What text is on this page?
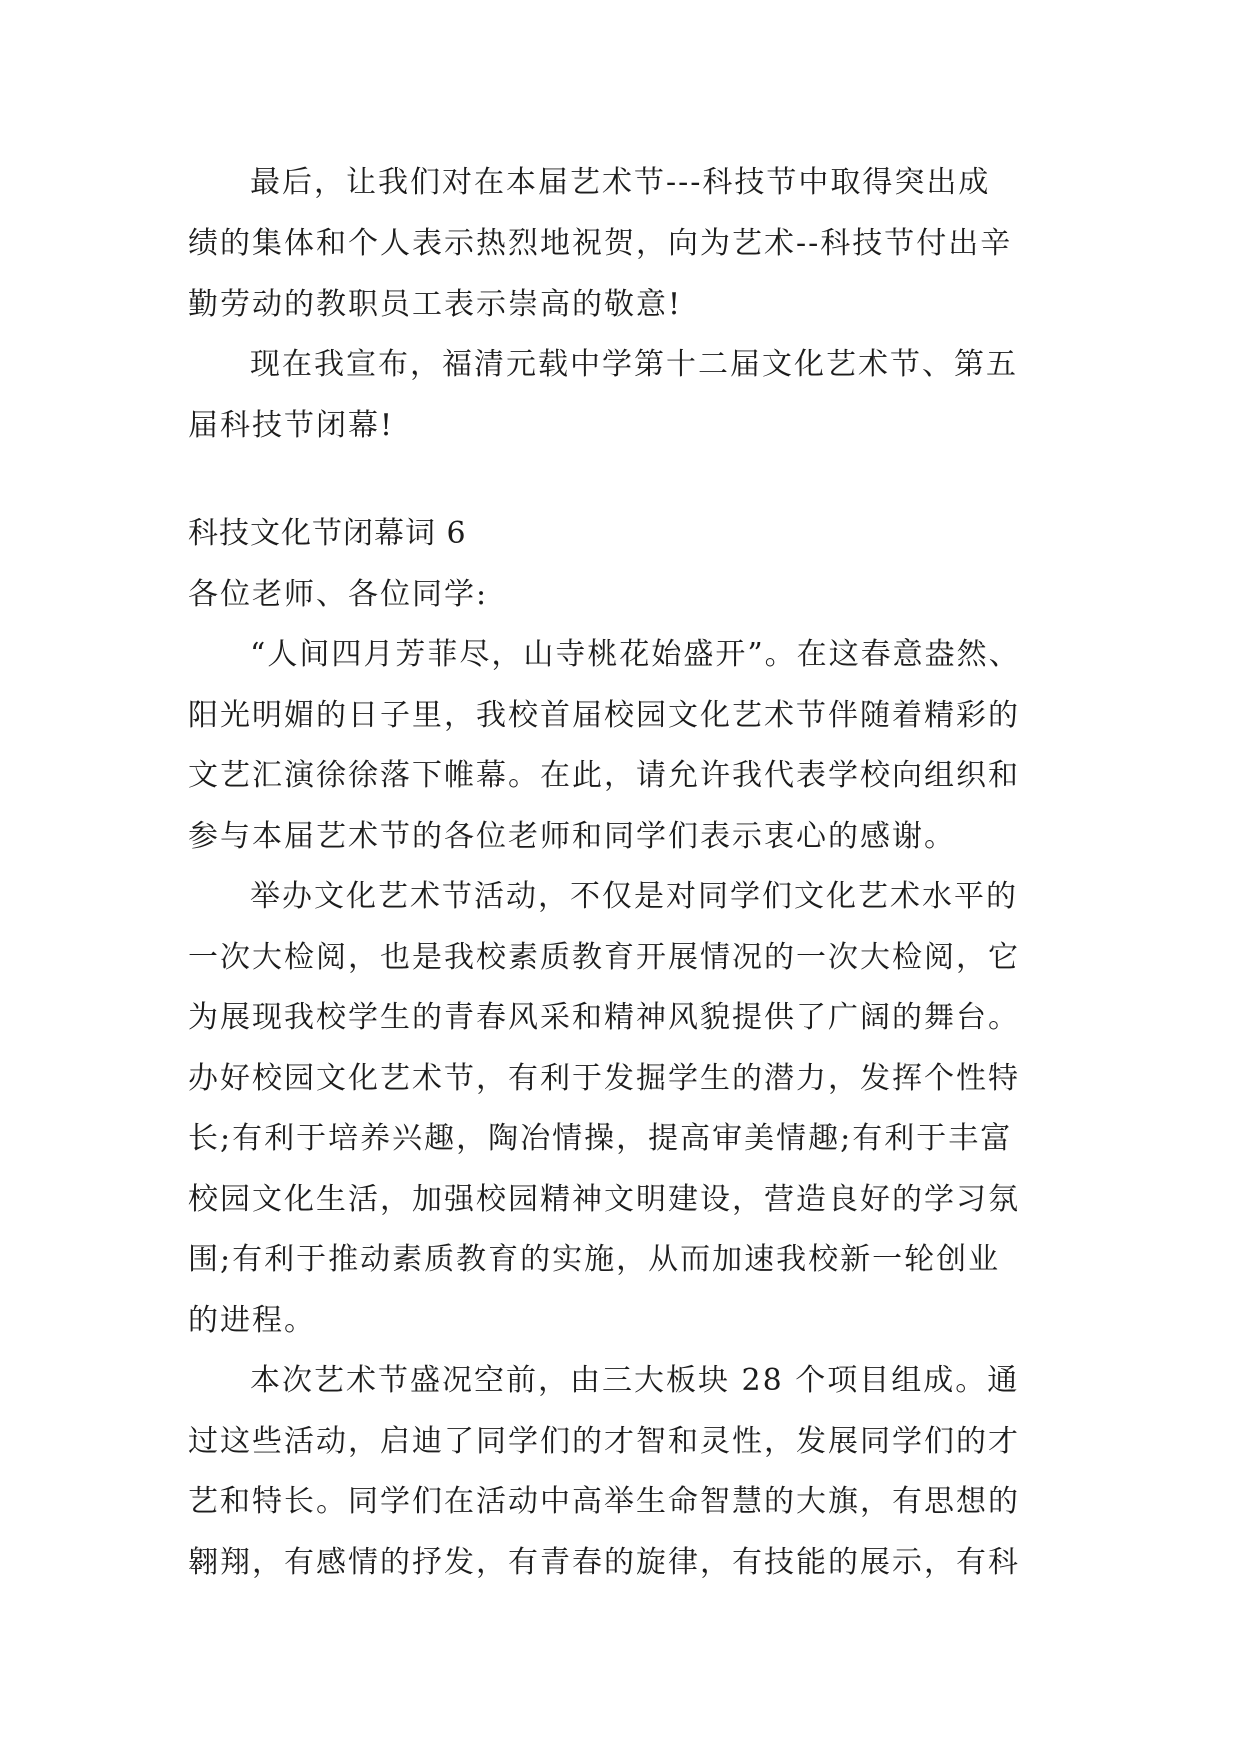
最后，让我们对在本届艺术节---科技节中取得突出成
绩的集体和个人表示热烈地祝贺，向为艺术--科技节付出辛
勤劳动的教职员工表示崇高的敬意!
现在我宣布，福清元载中学第十二届文化艺术节、第五
届科技节闭幕!
科技文化节闭幕词 6
各位老师、各位同学:
“人间四月芳菲尽，山寺桃花始盛开”。在这春意盎然、
阳光明媚的日子里，我校首届校园文化艺术节伴随着精彩的
文艺汇演徐徐落下帷幕。在此，请允许我代表学校向组织和
参与本届艺术节的各位老师和同学们表示衷心的感谢。
举办文化艺术节活动，不仅是对同学们文化艺术水平的
一次大检阅，也是我校素质教育开展情况的一次大检阅，它
为展现我校学生的青春风采和精神风貌提供了广阔的舞台。
办好校园文化艺术节，有利于发掘学生的潜力，发挥个性特
长;有利于培养兴趣，陶冶情操，提高审美情趣;有利于丰富
校园文化生活，加强校园精神文明建设，营造良好的学习氛
围;有利于推动素质教育的实施，从而加速我校新一轮创业
的进程。
本次艺术节盛况空前，由三大板块 28 个项目组成。通
过这些活动，启迪了同学们的才智和灵性，发展同学们的才
艺和特长。同学们在活动中高举生命智慧的大旗，有思想的
翱翔，有感情的抒发，有青春的旋律，有技能的展示，有科
